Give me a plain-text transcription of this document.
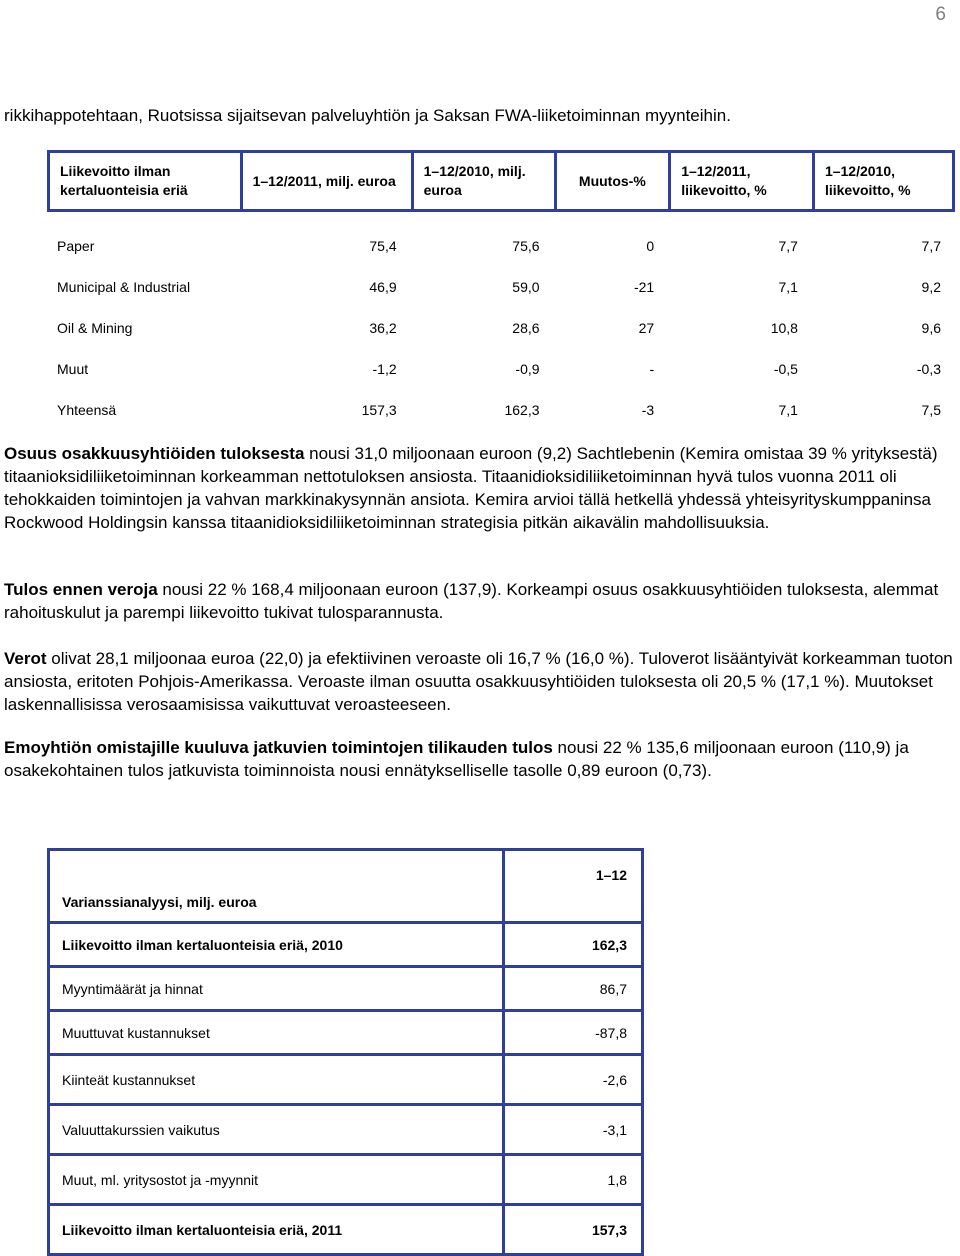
6

rikkihappotehtaan, Ruotsissa sijaitsevan palveluyhtiön ja Saksan FWA-liiketoiminnan myynteihin.

Liikevoitto ilman kertaluonteisia eriä	1–12/2011, milj. euroa	1–12/2010, milj. euroa	Muutos-%	1–12/2011, liikevoitto, %	1–12/2010, liikevoitto, %
Paper	75,4	75,6	0	7,7	7,7
Municipal & Industrial	46,9	59,0	-21	7,1	9,2
Oil & Mining	36,2	28,6	27	10,8	9,6
Muut	-1,2	-0,9	-	-0,5	-0,3
Yhteensä	157,3	162,3	-3	7,1	7,5

Osuus osakkuusyhtiöiden tuloksesta nousi 31,0 miljoonaan euroon (9,2) Sachtlebenin (Kemira omistaa 39 % yrityksestä) titaanioksidiliiketoiminnan korkeamman nettotuloksen ansiosta. Titaanidioksidiliiketoiminnan hyvä tulos vuonna 2011 oli tehokkaiden toimintojen ja vahvan markkinakysynnän ansiota. Kemira arvioi tällä hetkellä yhdessä yhteisyrityskumppaninsa Rockwood Holdingsin kanssa titaanidioksidiliiketoiminnan strategisia pitkän aikavälin mahdollisuuksia.

Tulos ennen veroja nousi 22 % 168,4 miljoonaan euroon (137,9). Korkeampi osuus osakkuusyhtiöiden tuloksesta, alemmat rahoituskulut ja parempi liikevoitto tukivat tulosparannusta.

Verot olivat 28,1 miljoonaa euroa (22,0) ja efektiivinen veroaste oli 16,7 % (16,0 %). Tuloverot lisääntyivät korkeamman tuoton ansiosta, eritoten Pohjois-Amerikassa. Veroaste ilman osuutta osakkuusyhtiöiden tuloksesta oli 20,5 % (17,1 %). Muutokset laskennallisissa verosaamisissa vaikuttuvat veroasteeseen.

Emoyhtiön omistajille kuuluva jatkuvien toimintojen tilikauden tulos nousi 22 % 135,6 miljoonaan euroon (110,9) ja osakekohtainen tulos jatkuvista toiminnoista nousi ennätykselliselle tasolle 0,89 euroon (0,73).

Varianssianalyysi, milj. euroa	1–12
Liikevoitto ilman kertaluonteisia eriä, 2010	162,3
Myyntimäärät ja hinnat	86,7
Muuttuvat kustannukset	-87,8
Kiinteät kustannukset	-2,6
Valuuttakurssien vaikutus	-3,1
Muut, ml. yritysostot ja -myynnit	1,8
Liikevoitto ilman kertaluonteisia eriä, 2011	157,3
